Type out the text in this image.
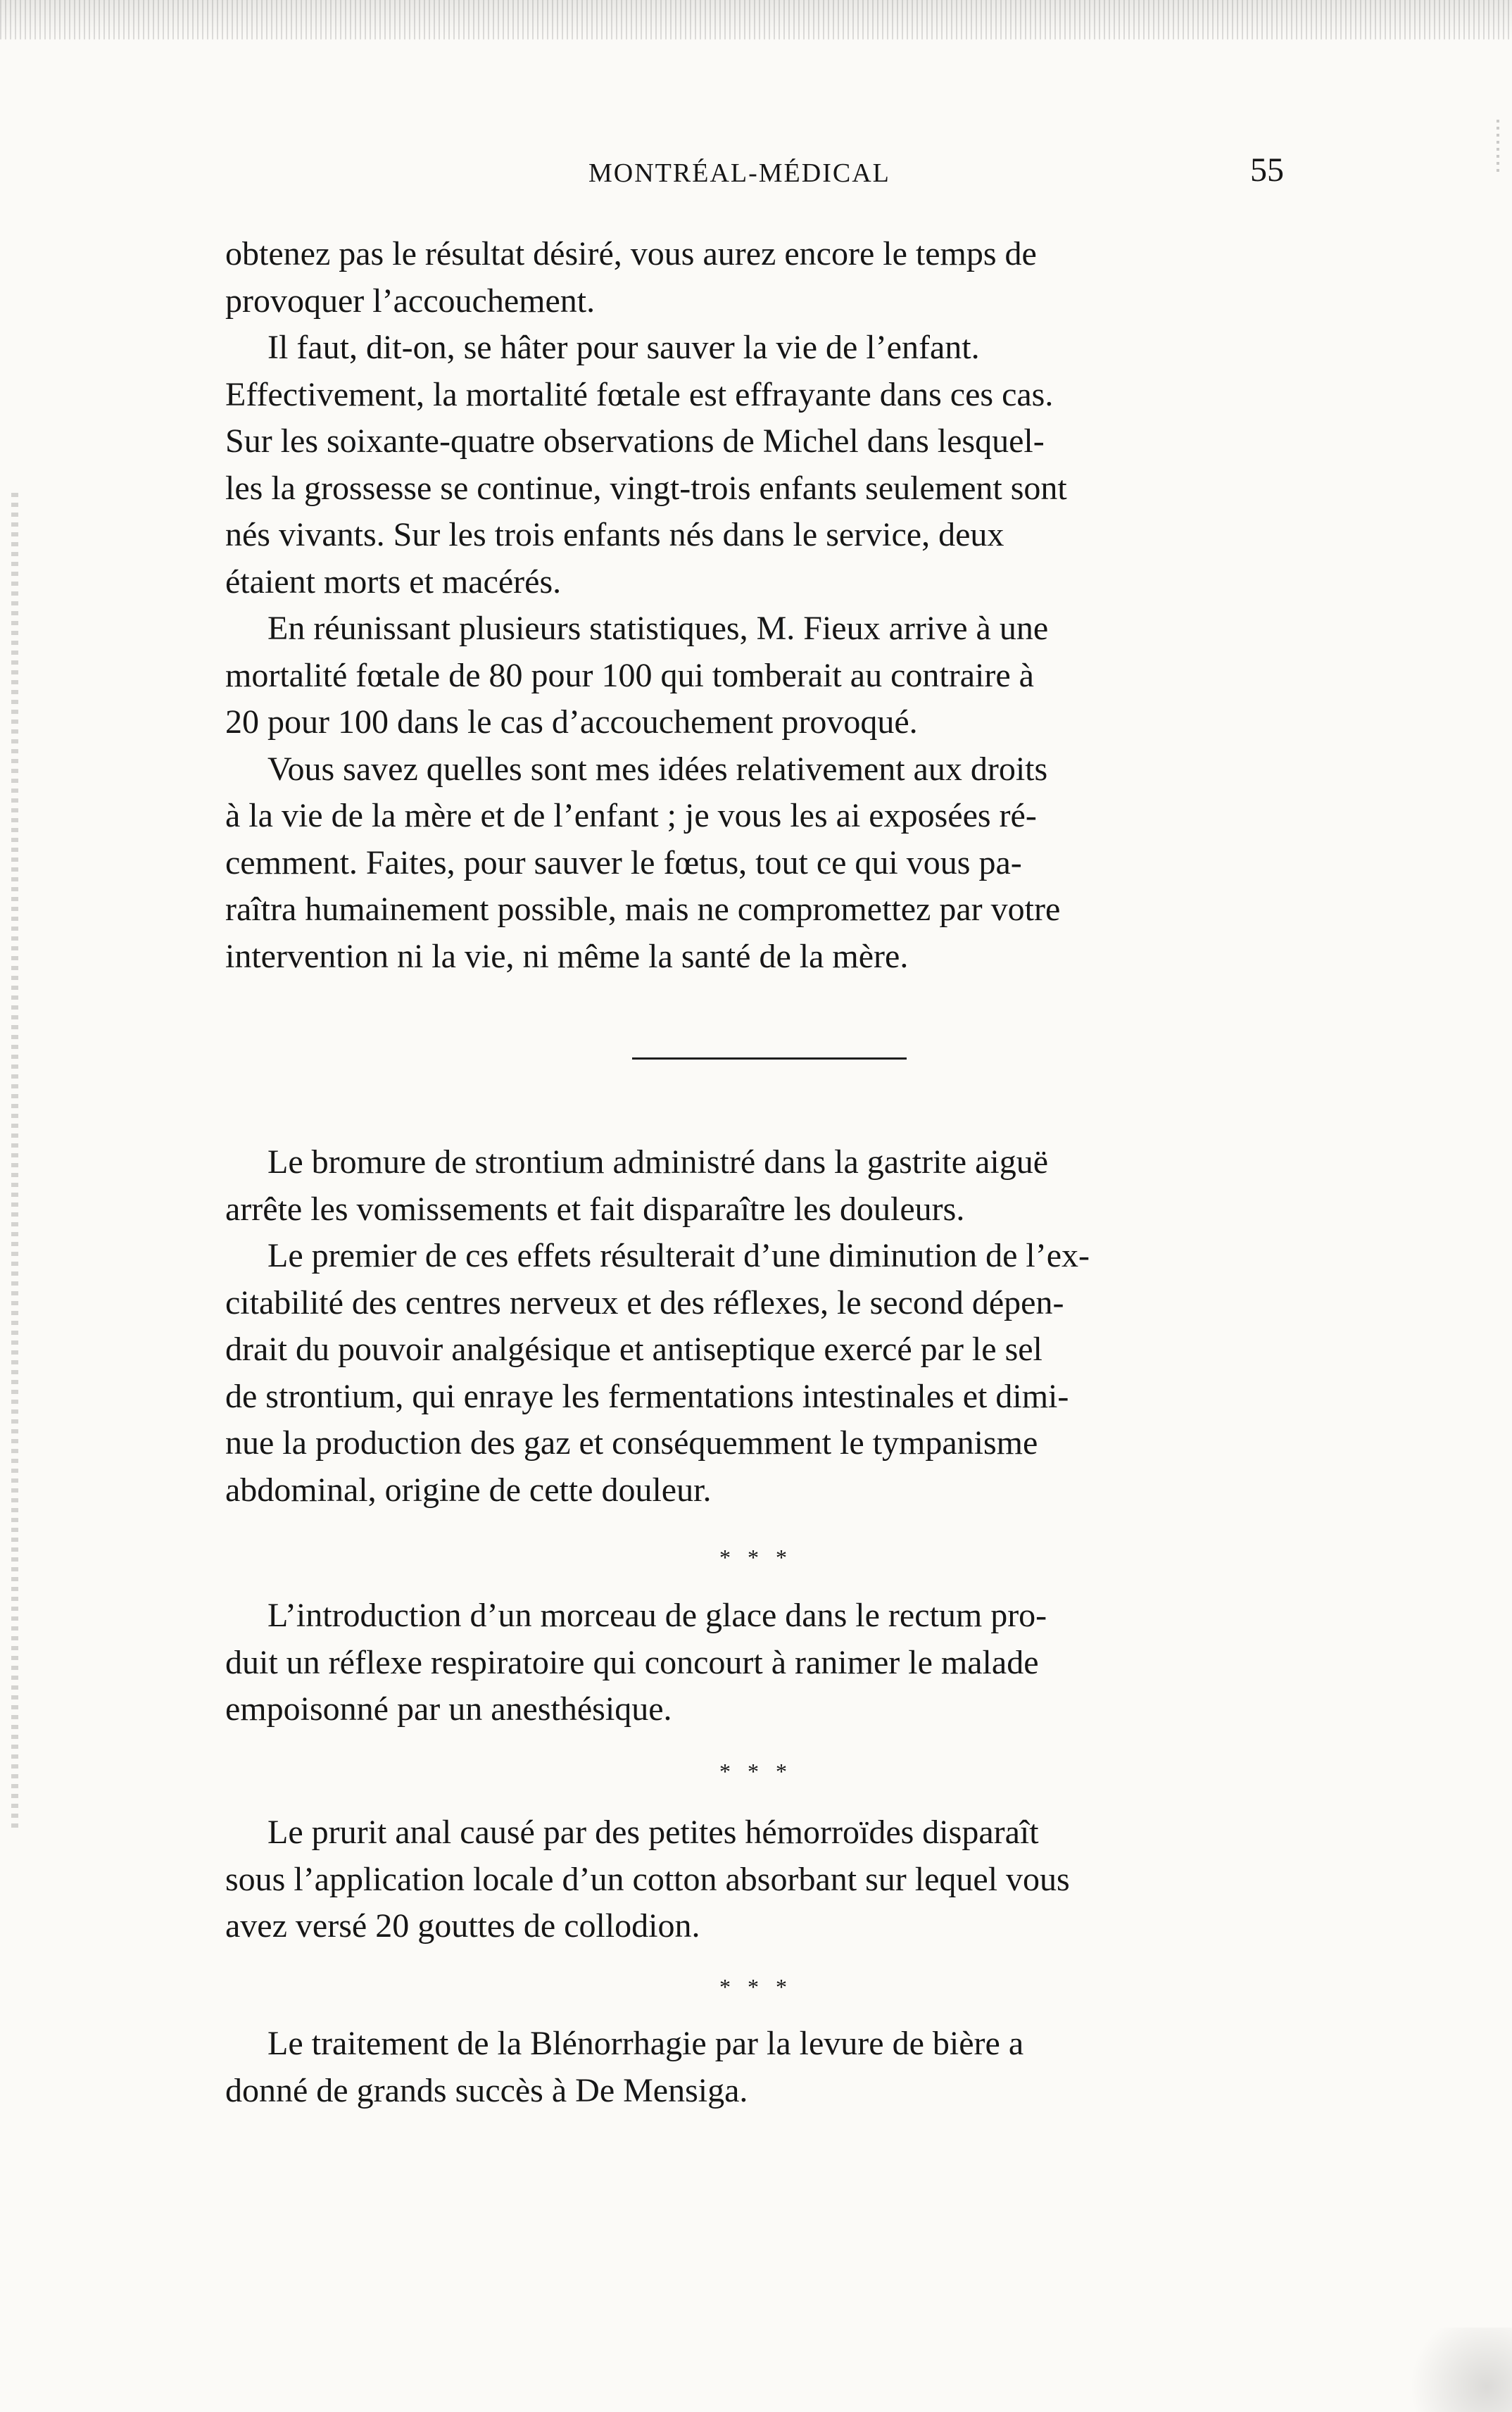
MONTRÉAL-MÉDICAL	55

obtenez pas le résultat désiré, vous aurez encore le temps de
provoquer l’accouchement.

Il faut, dit-on, se hâter pour sauver la vie de l’enfant.
Effectivement, la mortalité fœtale est effrayante dans ces cas.
Sur les soixante-quatre observations de Michel dans lesquel-
les la grossesse se continue, vingt-trois enfants seulement sont
nés vivants. Sur les trois enfants nés dans le service, deux
étaient morts et macérés.

En réunissant plusieurs statistiques, M. Fieux arrive à une
mortalité fœtale de 80 pour 100 qui tomberait au contraire à
20 pour 100 dans le cas d’accouchement provoqué.

Vous savez quelles sont mes idées relativement aux droits
à la vie de la mère et de l’enfant ; je vous les ai exposées ré-
cemment. Faites, pour sauver le fœtus, tout ce qui vous pa-
raîtra humainement possible, mais ne compromettez par votre
intervention ni la vie, ni même la santé de la mère.

Le bromure de strontium administré dans la gastrite aiguë
arrête les vomissements et fait disparaître les douleurs.

Le premier de ces effets résulterait d’une diminution de l’ex-
citabilité des centres nerveux et des réflexes, le second dépen-
drait du pouvoir analgésique et antiseptique exercé par le sel
de strontium, qui enraye les fermentations intestinales et dimi-
nue la production des gaz et conséquemment le tympanisme
abdominal, origine de cette douleur.

* * *

L’introduction d’un morceau de glace dans le rectum pro-
duit un réflexe respiratoire qui concourt à ranimer le malade
empoisonné par un anesthésique.

* * *

Le prurit anal causé par des petites hémorroïdes disparaît
sous l’application locale d’un cotton absorbant sur lequel vous
avez versé 20 gouttes de collodion.

* * *

Le traitement de la Blénorrhagie par la levure de bière a
donné de grands succès à De Mensiga.
